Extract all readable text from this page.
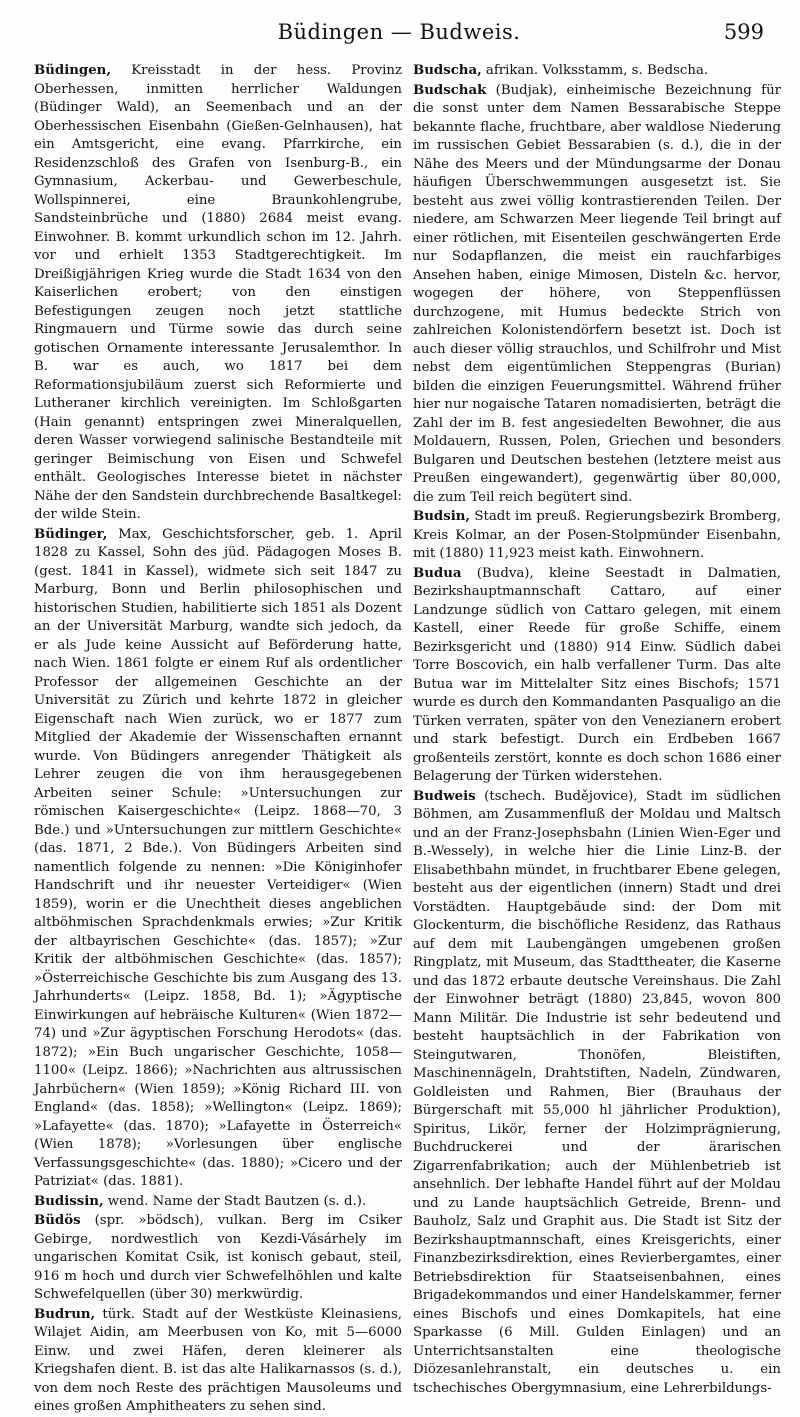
Büdingen — Budweis.	599

Büdingen, Kreisstadt in der hess. Provinz Oberhessen, inmitten herrlicher Waldungen (Büdinger Wald), an Seemenbach und an der Oberhessischen Eisenbahn (Gießen-Gelnhausen), hat ein Amtsgericht, eine evang. Pfarrkirche, ein Residenzschloß des Grafen von Isenburg-B., ein Gymnasium, Ackerbau- und Gewerbeschule, Wollspinnerei, eine Braunkohlengrube, Sandsteinbrüche und (1880) 2684 meist evang. Einwohner. B. kommt urkundlich schon im 12. Jahrh. vor und erhielt 1353 Stadtgerechtigkeit. Im Dreißigjährigen Krieg wurde die Stadt 1634 von den Kaiserlichen erobert; von den einstigen Befestigungen zeugen noch jetzt stattliche Ringmauern und Türme sowie das durch seine gotischen Ornamente interessante Jerusalemthor. In B. war es auch, wo 1817 bei dem Reformationsjubiläum zuerst sich Reformierte und Lutheraner kirchlich vereinigten. Im Schloßgarten (Hain genannt) entspringen zwei Mineralquellen, deren Wasser vorwiegend salinische Bestandteile mit geringer Beimischung von Eisen und Schwefel enthält. Geologisches Interesse bietet in nächster Nähe der den Sandstein durchbrechende Basaltkegel: der wilde Stein.

Büdinger, Max, Geschichtsforscher, geb. 1. April 1828 zu Kassel, Sohn des jüd. Pädagogen Moses B. (gest. 1841 in Kassel), widmete sich seit 1847 zu Marburg, Bonn und Berlin philosophischen und historischen Studien, habilitierte sich 1851 als Dozent an der Universität Marburg, wandte sich jedoch, da er als Jude keine Aussicht auf Beförderung hatte, nach Wien. 1861 folgte er einem Ruf als ordentlicher Professor der allgemeinen Geschichte an der Universität zu Zürich und kehrte 1872 in gleicher Eigenschaft nach Wien zurück, wo er 1877 zum Mitglied der Akademie der Wissenschaften ernannt wurde. Von Büdingers anregender Thätigkeit als Lehrer zeugen die von ihm herausgegebenen Arbeiten seiner Schule: »Untersuchungen zur römischen Kaisergeschichte« (Leipz. 1868—70, 3 Bde.) und »Untersuchungen zur mittlern Geschichte« (das. 1871, 2 Bde.). Von Büdingers Arbeiten sind namentlich folgende zu nennen: »Die Königinhofer Handschrift und ihr neuester Verteidiger« (Wien 1859), worin er die Unechtheit dieses angeblichen altböhmischen Sprachdenkmals erwies; »Zur Kritik der altbayrischen Geschichte« (das. 1857); »Zur Kritik der altböhmischen Geschichte« (das. 1857); »Österreichische Geschichte bis zum Ausgang des 13. Jahrhunderts« (Leipz. 1858, Bd. 1); »Ägyptische Einwirkungen auf hebräische Kulturen« (Wien 1872—74) und »Zur ägyptischen Forschung Herodots« (das. 1872); »Ein Buch ungarischer Geschichte, 1058—1100« (Leipz. 1866); »Nachrichten aus altrussischen Jahrbüchern« (Wien 1859); »König Richard III. von England« (das. 1858); »Wellington« (Leipz. 1869); »Lafayette« (das. 1870); »Lafayette in Österreich« (Wien 1878); »Vorlesungen über englische Verfassungsgeschichte« (das. 1880); »Cicero und der Patriziat« (das. 1881).

Budissin, wend. Name der Stadt Bautzen (s. d.).

Büdös (spr. »bödsch), vulkan. Berg im Csiker Gebirge, nordwestlich von Kezdi-Vásárhely im ungarischen Komitat Csik, ist konisch gebaut, steil, 916 m hoch und durch vier Schwefelhöhlen und kalte Schwefelquellen (über 30) merkwürdig.

Budrun, türk. Stadt auf der Westküste Kleinasiens, Wilajet Aidin, am Meerbusen von Ko, mit 5—6000 Einw. und zwei Häfen, deren kleinerer als Kriegshafen dient. B. ist das alte Halikarnassos (s. d.), von dem noch Reste des prächtigen Mausoleums und eines großen Amphitheaters zu sehen sind.

Budscha, afrikan. Volksstamm, s. Bedscha.

Budschak (Budjak), einheimische Bezeichnung für die sonst unter dem Namen Bessarabische Steppe bekannte flache, fruchtbare, aber waldlose Niederung im russischen Gebiet Bessarabien (s. d.), die in der Nähe des Meers und der Mündungsarme der Donau häufigen Überschwemmungen ausgesetzt ist. Sie besteht aus zwei völlig kontrastierenden Teilen. Der niedere, am Schwarzen Meer liegende Teil bringt auf einer rötlichen, mit Eisenteilen geschwängerten Erde nur Sodapflanzen, die meist ein rauchfarbiges Ansehen haben, einige Mimosen, Disteln &c. hervor, wogegen der höhere, von Steppenflüssen durchzogene, mit Humus bedeckte Strich von zahlreichen Kolonistendörfern besetzt ist. Doch ist auch dieser völlig strauchlos, und Schilfrohr und Mist nebst dem eigentümlichen Steppengras (Burian) bilden die einzigen Feuerungsmittel. Während früher hier nur nogaische Tataren nomadisierten, beträgt die Zahl der im B. fest angesiedelten Bewohner, die aus Moldauern, Russen, Polen, Griechen und besonders Bulgaren und Deutschen bestehen (letztere meist aus Preußen eingewandert), gegenwärtig über 80,000, die zum Teil reich begütert sind.

Budsin, Stadt im preuß. Regierungsbezirk Bromberg, Kreis Kolmar, an der Posen-Stolpmünder Eisenbahn, mit (1880) 11,923 meist kath. Einwohnern.

Budua (Budva), kleine Seestadt in Dalmatien, Bezirkshauptmannschaft Cattaro, auf einer Landzunge südlich von Cattaro gelegen, mit einem Kastell, einer Reede für große Schiffe, einem Bezirksgericht und (1880) 914 Einw. Südlich dabei Torre Boscovich, ein halb verfallener Turm. Das alte Butua war im Mittelalter Sitz eines Bischofs; 1571 wurde es durch den Kommandanten Pasqualigo an die Türken verraten, später von den Venezianern erobert und stark befestigt. Durch ein Erdbeben 1667 großenteils zerstört, konnte es doch schon 1686 einer Belagerung der Türken widerstehen.

Budweis (tschech. Budějovice), Stadt im südlichen Böhmen, am Zusammenfluß der Moldau und Maltsch und an der Franz-Josephsbahn (Linien Wien-Eger und B.-Wessely), in welche hier die Linie Linz-B. der Elisabethbahn mündet, in fruchtbarer Ebene gelegen, besteht aus der eigentlichen (innern) Stadt und drei Vorstädten. Hauptgebäude sind: der Dom mit Glockenturm, die bischöfliche Residenz, das Rathaus auf dem mit Laubengängen umgebenen großen Ringplatz, mit Museum, das Stadttheater, die Kaserne und das 1872 erbaute deutsche Vereinshaus. Die Zahl der Einwohner beträgt (1880) 23,845, wovon 800 Mann Militär. Die Industrie ist sehr bedeutend und besteht hauptsächlich in der Fabrikation von Steingutwaren, Thonöfen, Bleistiften, Maschinennägeln, Drahtstiften, Nadeln, Zündwaren, Goldleisten und Rahmen, Bier (Brauhaus der Bürgerschaft mit 55,000 hl jährlicher Produktion), Spiritus, Likör, ferner der Holzimprägnierung, Buchdruckerei und der ärarischen Zigarrenfabrikation; auch der Mühlenbetrieb ist ansehnlich. Der lebhafte Handel führt auf der Moldau und zu Lande hauptsächlich Getreide, Brenn- und Bauholz, Salz und Graphit aus. Die Stadt ist Sitz der Bezirkshauptmannschaft, eines Kreisgerichts, einer Finanzbezirksdirektion, eines Revierbergamtes, einer Betriebsdirektion für Staatseisenbahnen, eines Brigadekommandos und einer Handelskammer, ferner eines Bischofs und eines Domkapitels, hat eine Sparkasse (6 Mill. Gulden Einlagen) und an Unterrichtsanstalten eine theologische Diözesanlehranstalt, ein deutsches u. ein tschechisches Obergymnasium, eine Lehrerbildungs-
